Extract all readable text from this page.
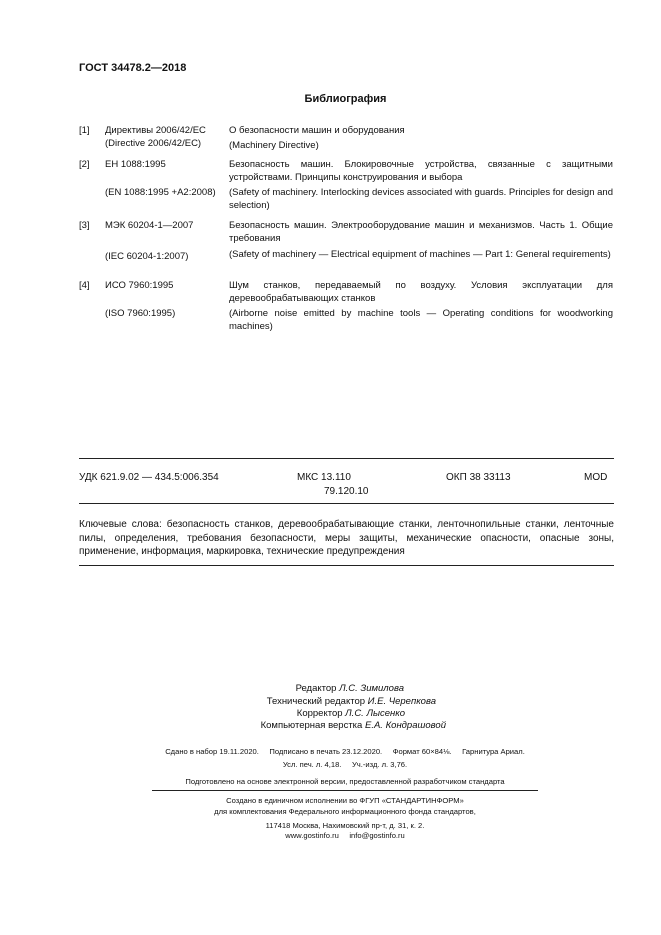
ГОСТ 34478.2—2018
Библиография
[1] Директивы 2006/42/ЕС
(Directive 2006/42/EC)
О безопасности машин и оборудования
(Machinery Directive)
[2] ЕН 1088:1995
(EN 1088:1995 +A2:2008)
Безопасность машин. Блокировочные устройства, связанные с защитными устройствами. Принципы конструирования и выбора
(Safety of machinery. Interlocking devices associated with guards. Principles for design and selection)
[3] МЭК 60204-1—2007
(IEC 60204-1:2007)
Безопасность машин. Электрооборудование машин и механизмов. Часть 1. Общие требования
(Safety of machinery — Electrical equipment of machines — Part 1: General requirements)
[4] ИСО 7960:1995
(ISO 7960:1995)
Шум станков, передаваемый по воздуху. Условия эксплуатации для деревообрабатывающих станков
(Airborne noise emitted by machine tools — Operating conditions for woodworking machines)
УДК 621.9.02 — 434.5:006.354	МКС 13.110
79.120.10
ОКП 38 33113	MOD
Ключевые слова: безопасность станков, деревообрабатывающие станки, ленточнопильные станки, ленточные пилы, определения, требования безопасности, меры защиты, механические опасности, опасные зоны, применение, информация, маркировка, технические предупреждения
Редактор Л.С. Зимилова
Технический редактор И.Е. Черепкова
Корректор Л.С. Лысенко
Компьютерная верстка Е.А. Кондрашовой
Сдано в набор 19.11.2020.     Подписано в печать 23.12.2020.     Формат 60×84⅛.     Гарнитура Ариал.
Усл. печ. л. 4,18.     Уч.-изд. л. 3,76.
Подготовлено на основе электронной версии, предоставленной разработчиком стандарта
Создано в единичном исполнении во ФГУП «СТАНДАРТИНФОРМ»
для комплектования Федерального информационного фонда стандартов,
117418 Москва, Нахимовский пр-т, д. 31, к. 2.
www.gostinfo.ru     info@gostinfo.ru
